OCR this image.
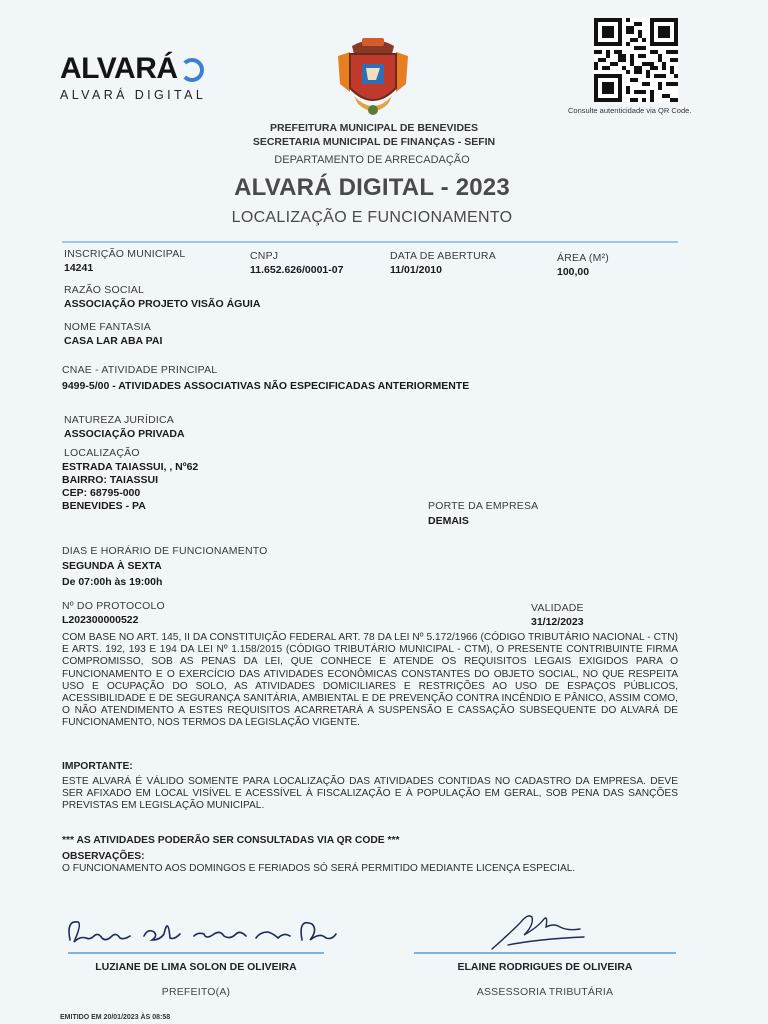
ALVARÁ
ALVARÁ DIGITAL
Consulte autenticidade via QR Code.
PREFEITURA MUNICIPAL DE BENEVIDES
SECRETARIA MUNICIPAL DE FINANÇAS - SEFIN
DEPARTAMENTO DE ARRECADAÇÃO
ALVARÁ DIGITAL - 2023
LOCALIZAÇÃO E FUNCIONAMENTO
INSCRIÇÃO MUNICIPAL
14241
CNPJ
11.652.626/0001-07
DATA DE ABERTURA
11/01/2010
ÁREA (M²)
100,00
RAZÃO SOCIAL
ASSOCIAÇÃO PROJETO VISÃO ÁGUIA
NOME FANTASIA
CASA LAR ABA PAI
CNAE - ATIVIDADE PRINCIPAL
9499-5/00 - ATIVIDADES ASSOCIATIVAS NÃO ESPECIFICADAS ANTERIORMENTE
NATUREZA JURÍDICA
ASSOCIAÇÃO PRIVADA
LOCALIZAÇÃO
ESTRADA TAIASSUI, , Nº62
BAIRRO: TAIASSUI
CEP: 68795-000
BENEVIDES - PA	PORTE DA EMPRESA
DEMAIS
DIAS E HORÁRIO DE FUNCIONAMENTO
SEGUNDA À SEXTA
De 07:00h às 19:00h
Nº DO PROTOCOLO
L202300000522
VALIDADE
31/12/2023
COM BASE NO ART. 145, II DA CONSTITUIÇÃO FEDERAL ART. 78 DA LEI Nº 5.172/1966 (CÓDIGO TRIBUTÁRIO NACIONAL - CTN) E ARTS. 192, 193 E 194 DA LEI Nº 1.158/2015 (CÓDIGO TRIBUTÁRIO MUNICIPAL - CTM), O PRESENTE CONTRIBUINTE FIRMA COMPROMISSO, SOB AS PENAS DA LEI, QUE CONHECE E ATENDE OS REQUISITOS LEGAIS EXIGIDOS PARA O FUNCIONAMENTO E O EXERCÍCIO DAS ATIVIDADES ECONÔMICAS CONSTANTES DO OBJETO SOCIAL, NO QUE RESPEITA USO E OCUPAÇÃO DO SOLO, AS ATIVIDADES DOMICILIARES E RESTRIÇÕES AO USO DE ESPAÇOS PÚBLICOS, ACESSIBILIDADE E DE SEGURANÇA SANITÁRIA, AMBIENTAL E DE PREVENÇÃO CONTRA INCÊNDIO E PÂNICO, ASSIM COMO, O NÃO ATENDIMENTO A ESTES REQUISITOS ACARRETARÁ A SUSPENSÃO E CASSAÇÃO SUBSEQUENTE DO ALVARÁ DE FUNCIONAMENTO, NOS TERMOS DA LEGISLAÇÃO VIGENTE.
IMPORTANTE:
ESTE ALVARÁ É VÁLIDO SOMENTE PARA LOCALIZAÇÃO DAS ATIVIDADES CONTIDAS NO CADASTRO DA EMPRESA. DEVE SER AFIXADO EM LOCAL VISÍVEL E ACESSÍVEL À FISCALIZAÇÃO E À POPULAÇÃO EM GERAL, SOB PENA DAS SANÇÕES PREVISTAS EM LEGISLAÇÃO MUNICIPAL.
*** AS ATIVIDADES PODERÃO SER CONSULTADAS VIA QR CODE ***
OBSERVAÇÕES:
O FUNCIONAMENTO AOS DOMINGOS E FERIADOS SÓ SERÁ PERMITIDO MEDIANTE LICENÇA ESPECIAL.
LUZIANE DE LIMA SOLON DE OLIVEIRA
PREFEITO(A)
ELAINE RODRIGUES DE OLIVEIRA
ASSESSORIA TRIBUTÁRIA
EMITIDO EM 20/01/2023 ÀS 08:58
